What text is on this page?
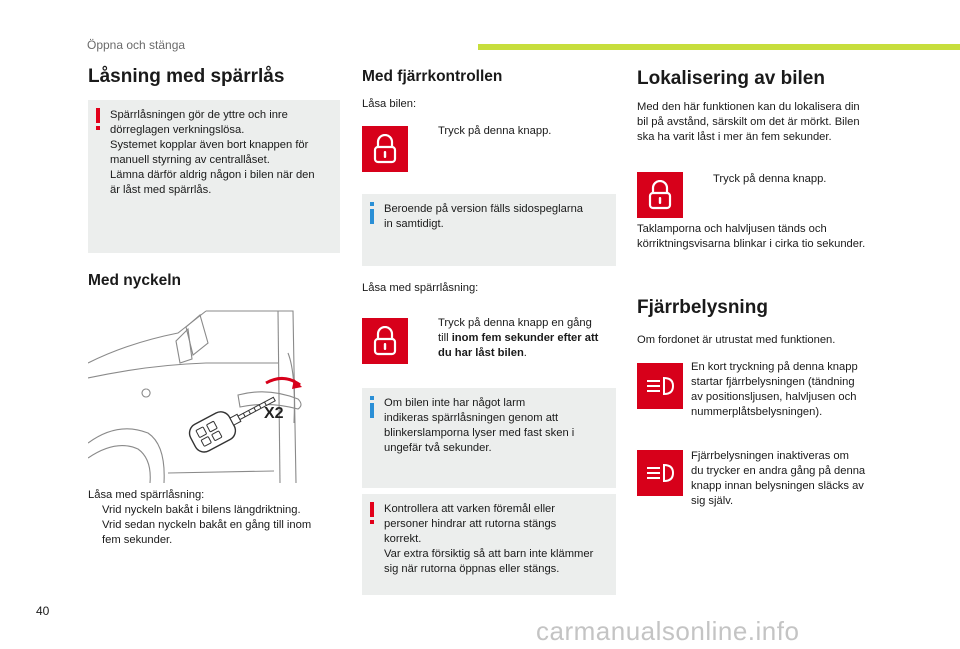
Öppna och stänga
Låsning med spärrlås
Spärrlåsningen gör de yttre och inre
dörreglagen verkningslösa.
Systemet kopplar även bort knappen för
manuell styrning av centrallåset.
Lämna därför aldrig någon i bilen när den
är låst med spärrlås.
Med nyckeln
X2
Låsa med spärrlåsning:
Vrid nyckeln bakåt i bilens längdriktning.
Vrid sedan nyckeln bakåt en gång till inom
fem sekunder.
Med fjärrkontrollen
Låsa bilen:
Tryck på denna knapp.
Beroende på version fälls sidospeglarna
in samtidigt.
Låsa med spärrlåsning:
Tryck på denna knapp en gång
till inom fem sekunder efter att
du har låst bilen.
Om bilen inte har något larm
indikeras spärrlåsningen genom att
blinkerslamporna lyser med fast sken i
ungefär två sekunder.
Kontrollera att varken föremål eller
personer hindrar att rutorna stängs
korrekt.
Var extra försiktig så att barn inte klämmer
sig när rutorna öppnas eller stängs.
Lokalisering av bilen
Med den här funktionen kan du lokalisera din
bil på avstånd, särskilt om det är mörkt. Bilen
ska ha varit låst i mer än fem sekunder.
Tryck på denna knapp.
Taklamporna och halvljusen tänds och
körriktningsvisarna blinkar i cirka tio sekunder.
Fjärrbelysning
Om fordonet är utrustat med funktionen.
En kort tryckning på denna knapp
startar fjärrbelysningen (tändning
av positionsljusen, halvljusen och
nummerplåtsbelysningen).
Fjärrbelysningen inaktiveras om
du trycker en andra gång på denna
knapp innan belysningen släcks av
sig själv.
40
carmanualsonline.info
